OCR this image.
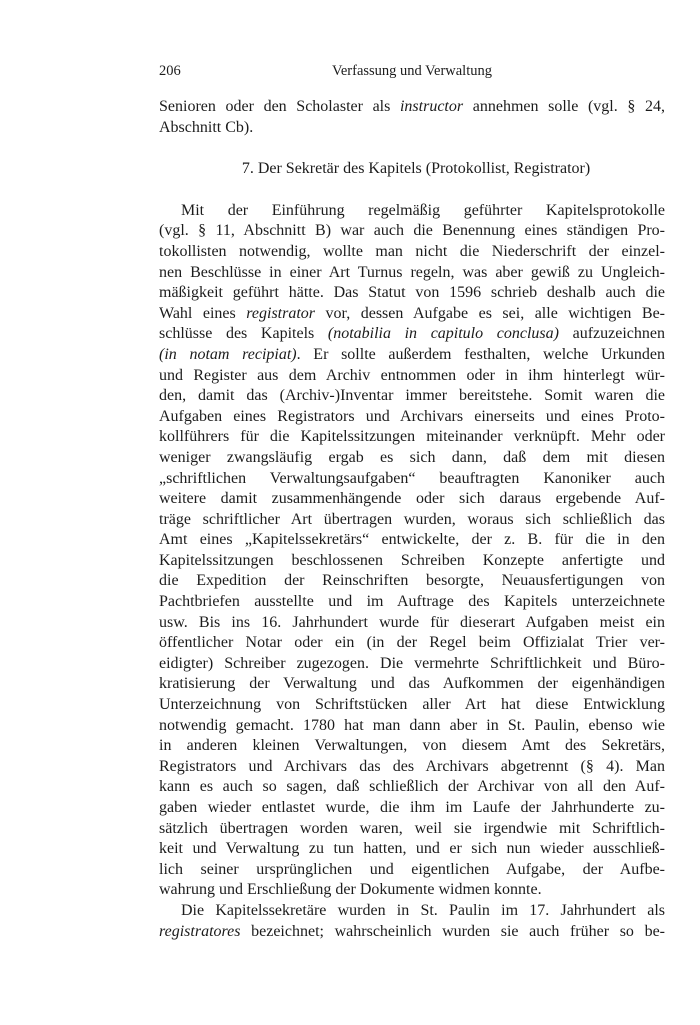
206	Verfassung und Verwaltung
Senioren oder den Scholaster als instructor annehmen solle (vgl. § 24,
Abschnitt Cb).
7. Der Sekretär des Kapitels (Protokollist, Registrator)
Mit der Einführung regelmäßig geführter Kapitelsprotokolle
(vgl. § 11, Abschnitt B) war auch die Benennung eines ständigen Pro-
tokollisten notwendig, wollte man nicht die Niederschrift der einzel-
nen Beschlüsse in einer Art Turnus regeln, was aber gewiß zu Ungleich-
mäßigkeit geführt hätte. Das Statut von 1596 schrieb deshalb auch die
Wahl eines registrator vor, dessen Aufgabe es sei, alle wichtigen Be-
schlüsse des Kapitels (notabilia in capitulo conclusa) aufzuzeichnen
(in notam recipiat). Er sollte außerdem festhalten, welche Urkunden
und Register aus dem Archiv entnommen oder in ihm hinterlegt wür-
den, damit das (Archiv-)Inventar immer bereitstehe. Somit waren die
Aufgaben eines Registrators und Archivars einerseits und eines Proto-
kollführers für die Kapitelssitzungen miteinander verknüpft. Mehr oder
weniger zwangsläufig ergab es sich dann, daß dem mit diesen
„schriftlichen Verwaltungsaufgaben“ beauftragten Kanoniker auch
weitere damit zusammenhängende oder sich daraus ergebende Auf-
träge schriftlicher Art übertragen wurden, woraus sich schließlich das
Amt eines „Kapitelssekretärs“ entwickelte, der z. B. für die in den
Kapitelssitzungen beschlossenen Schreiben Konzepte anfertigte und
die Expedition der Reinschriften besorgte, Neuausfertigungen von
Pachtbriefen ausstellte und im Auftrage des Kapitels unterzeichnete
usw. Bis ins 16. Jahrhundert wurde für dieserart Aufgaben meist ein
öffentlicher Notar oder ein (in der Regel beim Offizialat Trier ver-
eidigter) Schreiber zugezogen. Die vermehrte Schriftlichkeit und Büro-
kratisierung der Verwaltung und das Aufkommen der eigenhändigen
Unterzeichnung von Schriftstücken aller Art hat diese Entwicklung
notwendig gemacht. 1780 hat man dann aber in St. Paulin, ebenso wie
in anderen kleinen Verwaltungen, von diesem Amt des Sekretärs,
Registrators und Archivars das des Archivars abgetrennt (§ 4). Man
kann es auch so sagen, daß schließlich der Archivar von all den Auf-
gaben wieder entlastet wurde, die ihm im Laufe der Jahrhunderte zu-
sätzlich übertragen worden waren, weil sie irgendwie mit Schriftlich-
keit und Verwaltung zu tun hatten, und er sich nun wieder ausschließ-
lich seiner ursprünglichen und eigentlichen Aufgabe, der Aufbe-
wahrung und Erschließung der Dokumente widmen konnte.
Die Kapitelssekretäre wurden in St. Paulin im 17. Jahrhundert als
registratores bezeichnet; wahrscheinlich wurden sie auch früher so be-
